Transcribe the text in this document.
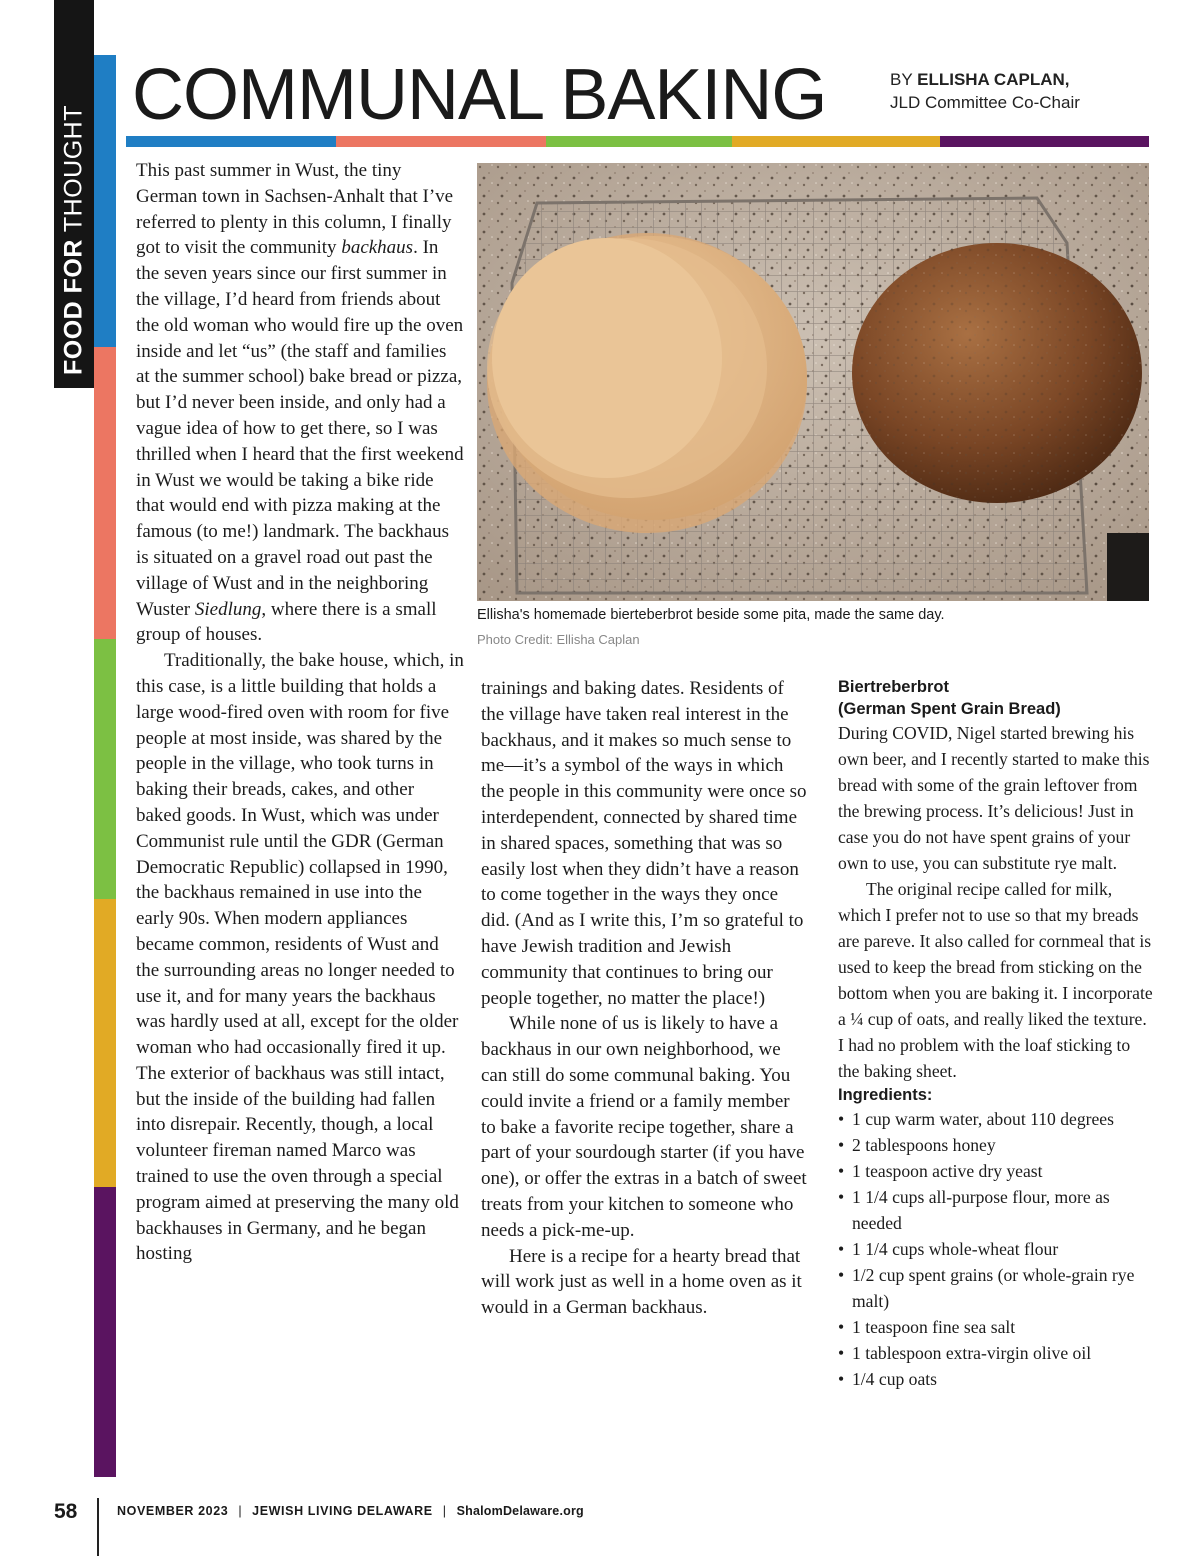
FOOD FOR THOUGHT
COMMUNAL BAKING	BY ELLISHA CAPLAN,
JLD Committee Co-Chair

This past summer in Wust, the tiny German town in Sachsen-Anhalt that I’ve referred to plenty in this column, I finally got to visit the community backhaus. In the seven years since our first summer in the village, I’d heard from friends about the old woman who would fire up the oven inside and let “us” (the staff and families at the summer school) bake bread or pizza, but I’d never been inside, and only had a vague idea of how to get there, so I was thrilled when I heard that the first weekend in Wust we would be taking a bike ride that would end with pizza making at the famous (to me!) landmark. The backhaus is situated on a gravel road out past the village of Wust and in the neighboring Wuster Siedlung, where there is a small group of houses.

Traditionally, the bake house, which, in this case, is a little building that holds a large wood-fired oven with room for five people at most inside, was shared by the people in the village, who took turns in baking their breads, cakes, and other baked goods. In Wust, which was under Communist rule until the GDR (German Democratic Republic) collapsed in 1990, the backhaus remained in use into the early 90s. When modern appliances became common, residents of Wust and the surrounding areas no longer needed to use it, and for many years the backhaus was hardly used at all, except for the older woman who had occasionally fired it up. The exterior of backhaus was still intact, but the inside of the building had fallen into disrepair. Recently, though, a local volunteer fireman named Marco was trained to use the oven through a special program aimed at preserving the many old backhauses in Germany, and he began hosting

Ellisha's homemade bierteberbrot beside some pita, made the same day.
Photo Credit: Ellisha Caplan

trainings and baking dates. Residents of the village have taken real interest in the backhaus, and it makes so much sense to me—it’s a symbol of the ways in which the people in this community were once so interdependent, connected by shared time in shared spaces, something that was so easily lost when they didn’t have a reason to come together in the ways they once did. (And as I write this, I’m so grateful to have Jewish tradition and Jewish community that continues to bring our people together, no matter the place!)

While none of us is likely to have a backhaus in our own neighborhood, we can still do some communal baking. You could invite a friend or a family member to bake a favorite recipe together, share a part of your sourdough starter (if you have one), or offer the extras in a batch of sweet treats from your kitchen to someone who needs a pick-me-up.

Here is a recipe for a hearty bread that will work just as well in a home oven as it would in a German backhaus.

Biertreberbrot

(German Spent Grain Bread)

During COVID, Nigel started brewing his own beer, and I recently started to make this bread with some of the grain leftover from the brewing process. It’s delicious! Just in case you do not have spent grains of your own to use, you can substitute rye malt.

The original recipe called for milk, which I prefer not to use so that my breads are pareve. It also called for cornmeal that is used to keep the bread from sticking on the bottom when you are baking it. I incorporate a ¼ cup of oats, and really liked the texture. I had no problem with the loaf sticking to the baking sheet.

Ingredients:

• 1 cup warm water, about 110 degrees
• 2 tablespoons honey
• 1 teaspoon active dry yeast
• 1 1/4 cups all-purpose flour, more as needed
• 1 1/4 cups whole-wheat flour
• 1/2 cup spent grains (or whole-grain rye malt)
• 1 teaspoon fine sea salt
• 1 tablespoon extra-virgin olive oil
• 1/4 cup oats
58	NOVEMBER 2023 | JEWISH LIVING DELAWARE | ShalomDelaware.org
